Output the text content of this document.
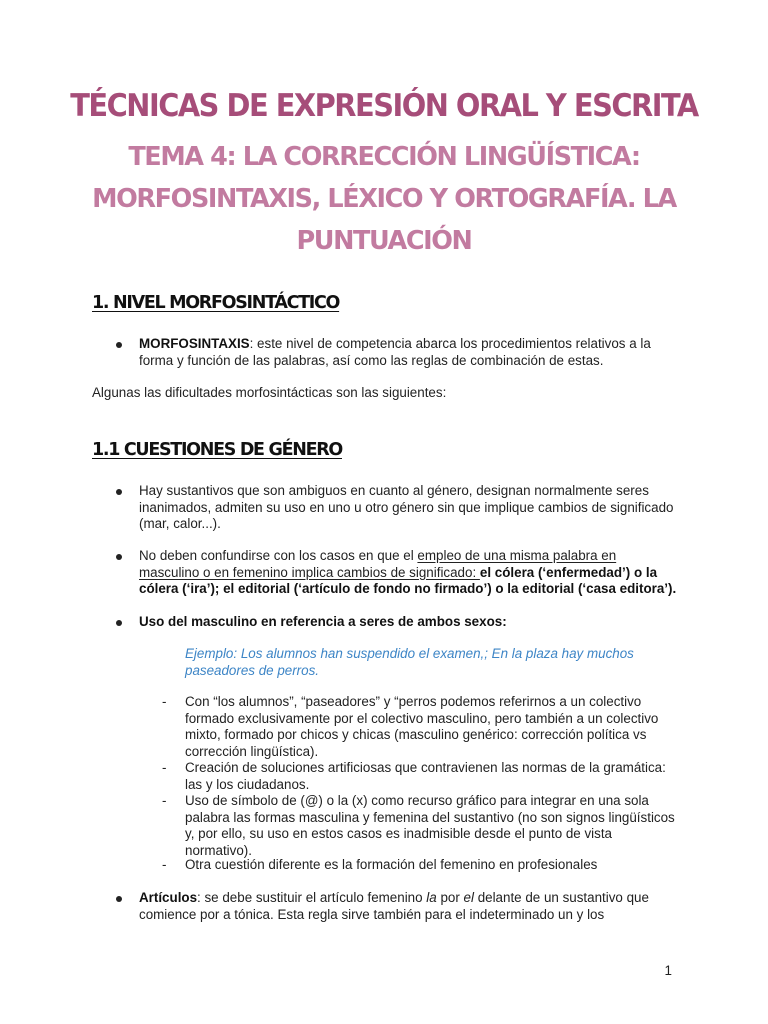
TÉCNICAS DE EXPRESIÓN ORAL Y ESCRITA
TEMA 4: LA CORRECCIÓN LINGÜÍSTICA: MORFOSINTAXIS, LÉXICO Y ORTOGRAFÍA. LA PUNTUACIÓN
1. NIVEL MORFOSINTÁCTICO

MORFOSINTAXIS: este nivel de competencia abarca los procedimientos relativos a la forma y función de las palabras, así como las reglas de combinación de estas.

Algunas las dificultades morfosintácticas son las siguientes:

1.1 CUESTIONES DE GÉNERO

Hay sustantivos que son ambiguos en cuanto al género, designan normalmente seres inanimados, admiten su uso en uno u otro género sin que implique cambios de significado (mar, calor...).

No deben confundirse con los casos en que el empleo de una misma palabra en masculino o en femenino implica cambios de significado: el cólera (‘enfermedad’) o la cólera (‘ira’); el editorial (‘artículo de fondo no firmado’) o la editorial (‘casa editora’).

Uso del masculino en referencia a seres de ambos sexos:

Ejemplo: Los alumnos han suspendido el examen,; En la plaza hay muchos paseadores de perros.

- Con “los alumnos”, “paseadores” y “perros podemos referirnos a un colectivo formado exclusivamente por el colectivo masculino, pero también a un colectivo mixto, formado por chicos y chicas (masculino genérico: corrección política vs corrección lingüística).

- Creación de soluciones artificiosas que contravienen las normas de la gramática: las y los ciudadanos.

- Uso de símbolo de (@) o la (x) como recurso gráfico para integrar en una sola palabra las formas masculina y femenina del sustantivo (no son signos lingüísticos y, por ello, su uso en estos casos es inadmisible desde el punto de vista normativo).

- Otra cuestión diferente es la formación del femenino en profesionales

Artículos: se debe sustituir el artículo femenino la por el delante de un sustantivo que comience por a tónica. Esta regla sirve también para el indeterminado un y los

1
